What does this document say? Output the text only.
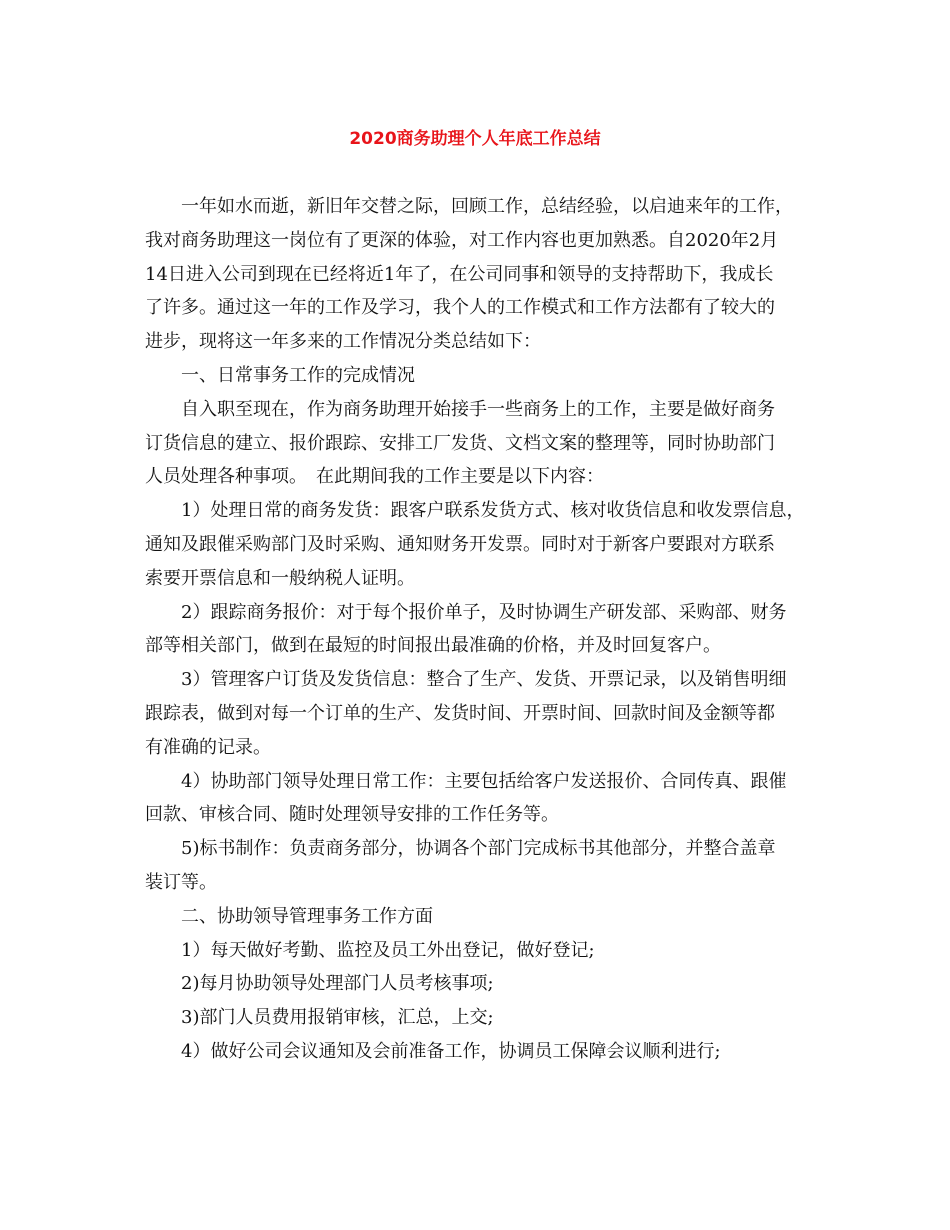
2020商务助理个人年底工作总结
一年如水而逝，新旧年交替之际，回顾工作，总结经验，以启迪来年的工作，
我对商务助理这一岗位有了更深的体验，对工作内容也更加熟悉。自2020年2月
14日进入公司到现在已经将近1年了，在公司同事和领导的支持帮助下，我成长
了许多。通过这一年的工作及学习，我个人的工作模式和工作方法都有了较大的
进步，现将这一年多来的工作情况分类总结如下：
一、日常事务工作的完成情况
自入职至现在，作为商务助理开始接手一些商务上的工作，主要是做好商务
订货信息的建立、报价跟踪、安排工厂发货、文档文案的整理等，同时协助部门
人员处理各种事项。　在此期间我的工作主要是以下内容：
1）处理日常的商务发货：跟客户联系发货方式、核对收货信息和收发票信息，
通知及跟催采购部门及时采购、通知财务开发票。同时对于新客户要跟对方联系
索要开票信息和一般纳税人证明。
2）跟踪商务报价：对于每个报价单子，及时协调生产研发部、采购部、财务
部等相关部门，做到在最短的时间报出最准确的价格，并及时回复客户。
3）管理客户订货及发货信息：整合了生产、发货、开票记录，以及销售明细
跟踪表，做到对每一个订单的生产、发货时间、开票时间、回款时间及金额等都
有准确的记录。
4）协助部门领导处理日常工作：主要包括给客户发送报价、合同传真、跟催
回款、审核合同、随时处理领导安排的工作任务等。
5)标书制作：负责商务部分，协调各个部门完成标书其他部分，并整合盖章
装订等。
二、协助领导管理事务工作方面
1）每天做好考勤、监控及员工外出登记，做好登记;
2)每月协助领导处理部门人员考核事项;
3)部门人员费用报销审核，汇总，上交;
4）做好公司会议通知及会前准备工作，协调员工保障会议顺利进行;
